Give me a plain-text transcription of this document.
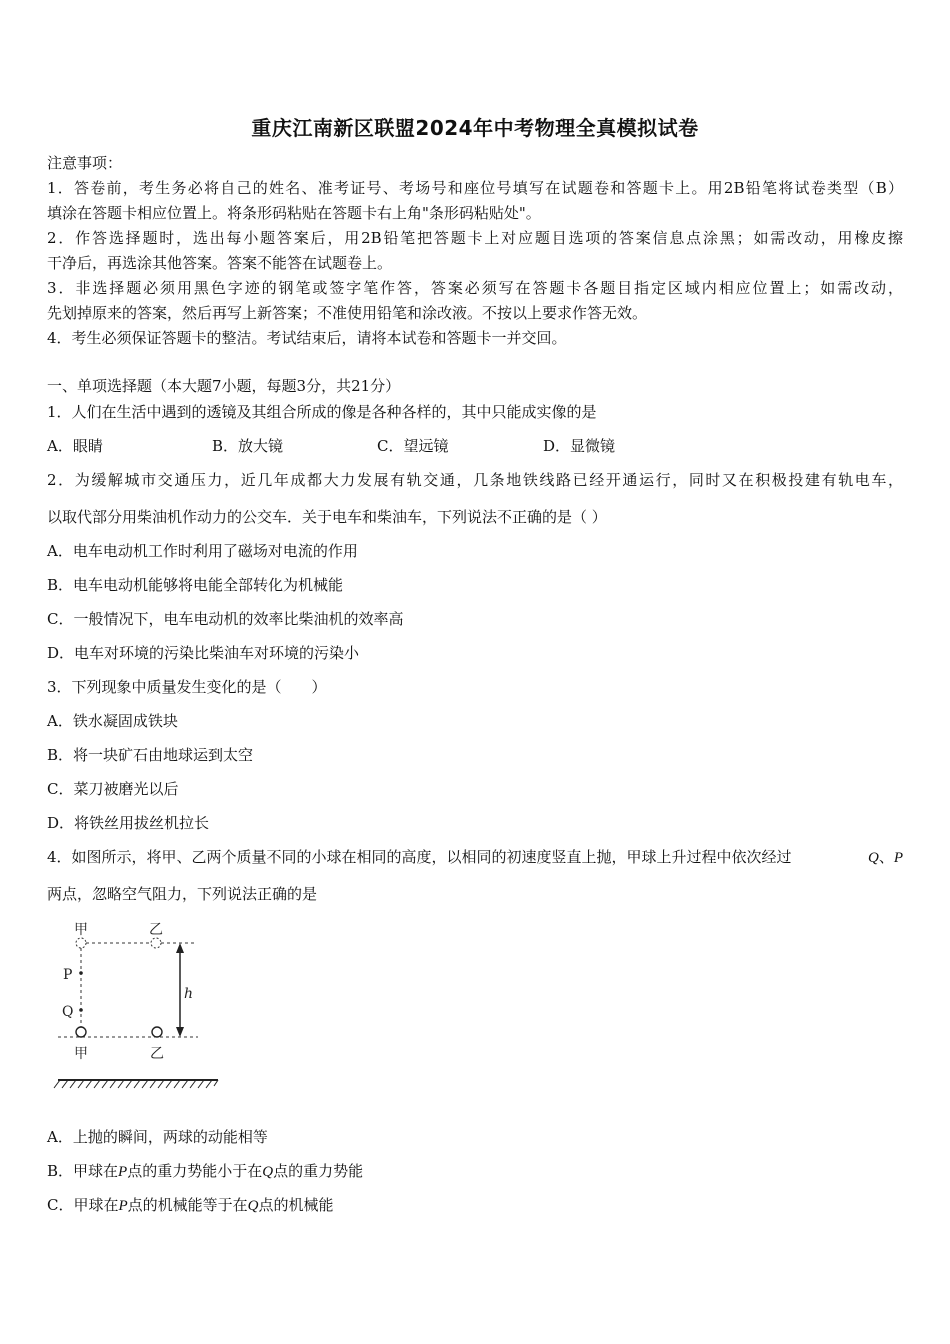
重庆江南新区联盟2024年中考物理全真模拟试卷
注意事项：
1．答卷前，考生务必将自己的姓名、准考证号、考场号和座位号填写在试题卷和答题卡上。用2B铅笔将试卷类型（B）
填涂在答题卡相应位置上。将条形码粘贴在答题卡右上角"条形码粘贴处"。
2．作答选择题时，选出每小题答案后，用2B铅笔把答题卡上对应题目选项的答案信息点涂黑；如需改动，用橡皮擦
干净后，再选涂其他答案。答案不能答在试题卷上。
3．非选择题必须用黑色字迹的钢笔或签字笔作答，答案必须写在答题卡各题目指定区域内相应位置上；如需改动，
先划掉原来的答案，然后再写上新答案；不准使用铅笔和涂改液。不按以上要求作答无效。
4．考生必须保证答题卡的整洁。考试结束后，请将本试卷和答题卡一并交回。
一、单项选择题（本大题7小题，每题3分，共21分）
1．人们在生活中遇到的透镜及其组合所成的像是各种各样的，其中只能成实像的是
A．眼睛	B．放大镜	C．望远镜	D．显微镜
2．为缓解城市交通压力，近几年成都大力发展有轨交通，几条地铁线路已经开通运行，同时又在积极投建有轨电车，
以取代部分用柴油机作动力的公交车．关于电车和柴油车，下列说法不正确的是（ ）
A．电车电动机工作时利用了磁场对电流的作用
B．电车电动机能够将电能全部转化为机械能
C．一般情况下，电车电动机的效率比柴油机的效率高
D．电车对环境的污染比柴油车对环境的污染小
3．下列现象中质量发生变化的是（　　）
A．铁水凝固成铁块
B．将一块矿石由地球运到太空
C．菜刀被磨光以后
D．将铁丝用拔丝机拉长
4．如图所示，将甲、乙两个质量不同的小球在相同的高度，以相同的初速度竖直上抛，甲球上升过程中依次经过	Q、P
两点，忽略空气阻力，下列说法正确的是
甲	乙
P
Q
h
甲	乙
A．上抛的瞬间，两球的动能相等
B．甲球在P点的重力势能小于在Q点的重力势能
C．甲球在P点的机械能等于在Q点的机械能
